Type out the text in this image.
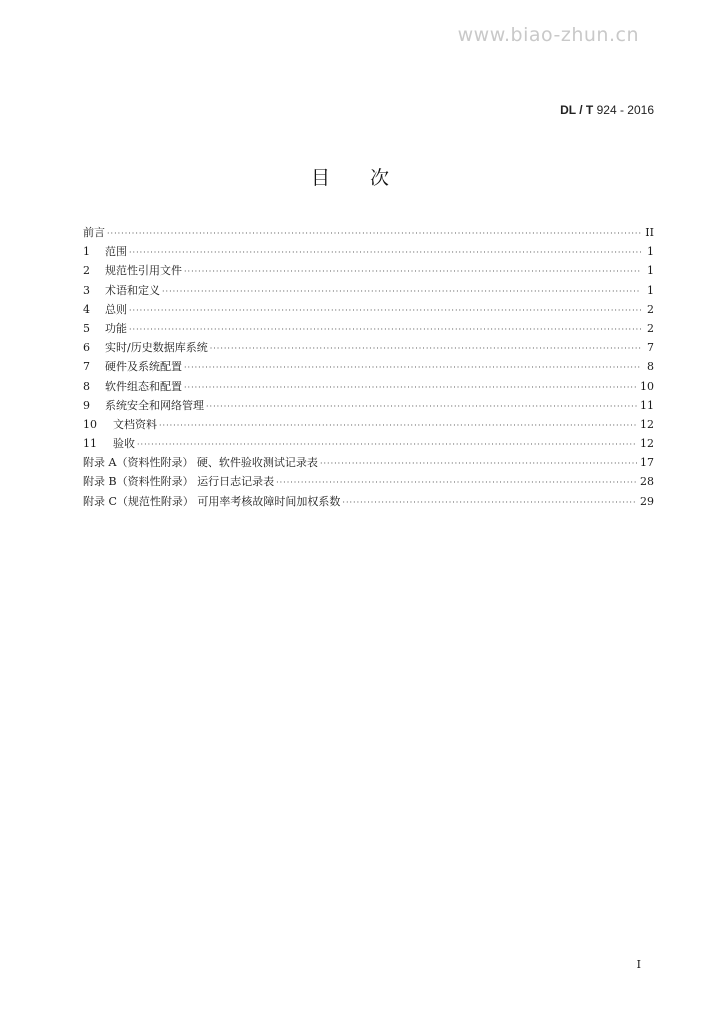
www.biao-zhun.cn
DL / T 924 - 2016
目次
前言 ·····	II
1	范围 ·····	1
2	规范性引用文件 ·····	1
3	术语和定义 ·····	1
4	总则 ·····	2
5	功能 ·····	2
6	实时/历史数据库系统 ·····	7
7	硬件及系统配置 ·····	8
8	软件组态和配置 ·····	10
9	系统安全和网络管理 ·····	11
10	文档资料 ·····	12
11	验收 ·····	12
附录 A（资料性附录） 硬、软件验收测试记录表 ·····	17
附录 B（资料性附录） 运行日志记录表 ·····	28
附录 C（规范性附录） 可用率考核故障时间加权系数 ·····	29
I
